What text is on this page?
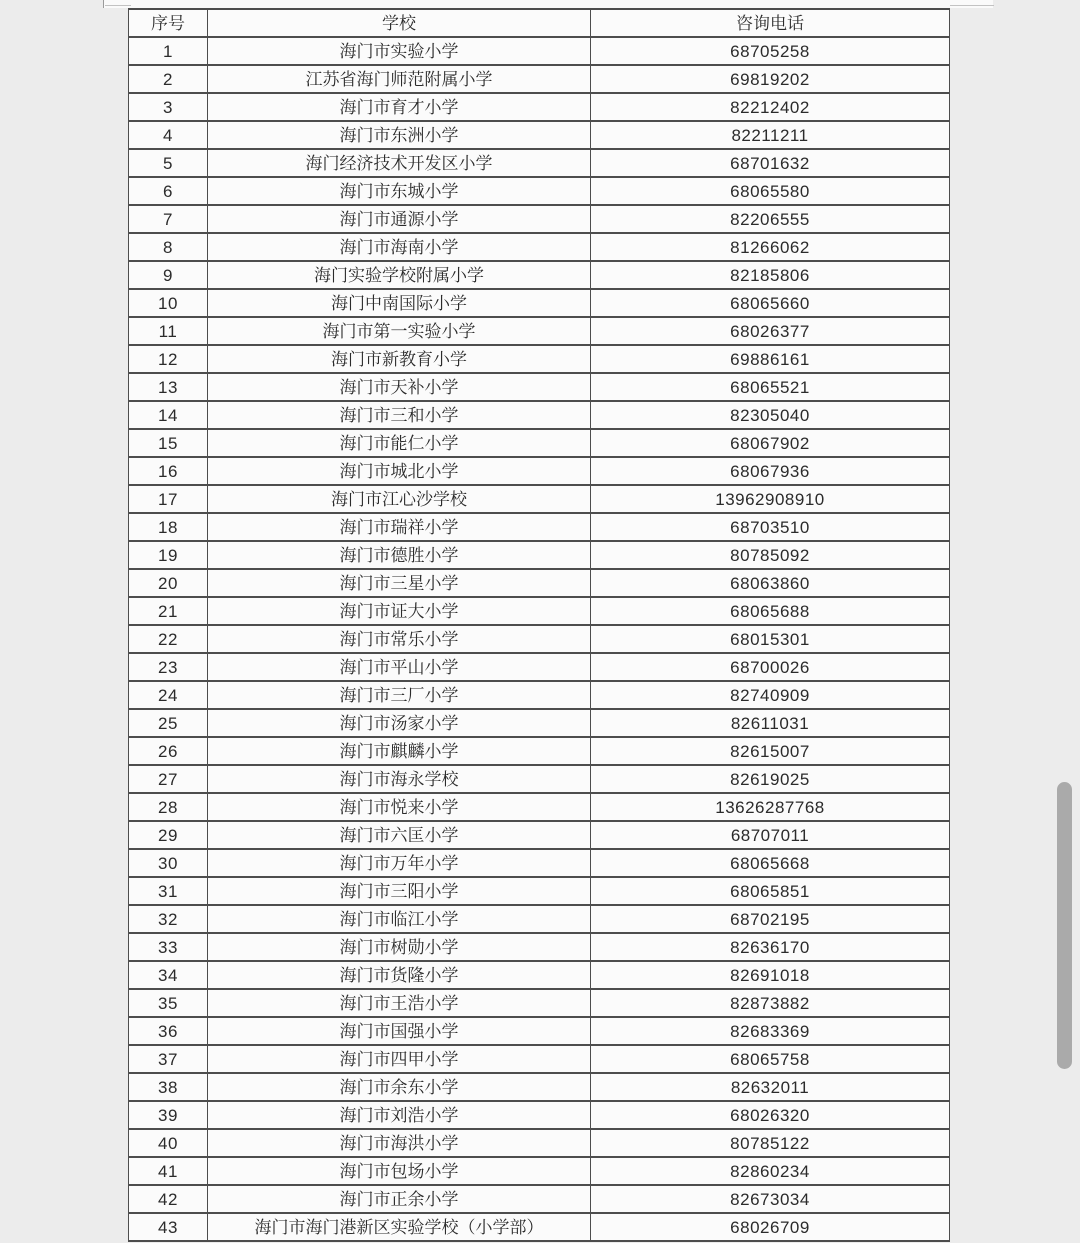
序号	学校	咨询电话
1	海门市实验小学	68705258
2	江苏省海门师范附属小学	69819202
3	海门市育才小学	82212402
4	海门市东洲小学	82211211
5	海门经济技术开发区小学	68701632
6	海门市东城小学	68065580
7	海门市通源小学	82206555
8	海门市海南小学	81266062
9	海门实验学校附属小学	82185806
10	海门中南国际小学	68065660
11	海门市第一实验小学	68026377
12	海门市新教育小学	69886161
13	海门市天补小学	68065521
14	海门市三和小学	82305040
15	海门市能仁小学	68067902
16	海门市城北小学	68067936
17	海门市江心沙学校	13962908910
18	海门市瑞祥小学	68703510
19	海门市德胜小学	80785092
20	海门市三星小学	68063860
21	海门市证大小学	68065688
22	海门市常乐小学	68015301
23	海门市平山小学	68700026
24	海门市三厂小学	82740909
25	海门市汤家小学	82611031
26	海门市麒麟小学	82615007
27	海门市海永学校	82619025
28	海门市悦来小学	13626287768
29	海门市六匡小学	68707011
30	海门市万年小学	68065668
31	海门市三阳小学	68065851
32	海门市临江小学	68702195
33	海门市树勋小学	82636170
34	海门市货隆小学	82691018
35	海门市王浩小学	82873882
36	海门市国强小学	82683369
37	海门市四甲小学	68065758
38	海门市余东小学	82632011
39	海门市刘浩小学	68026320
40	海门市海洪小学	80785122
41	海门市包场小学	82860234
42	海门市正余小学	82673034
43	海门市海门港新区实验学校（小学部）	68026709
